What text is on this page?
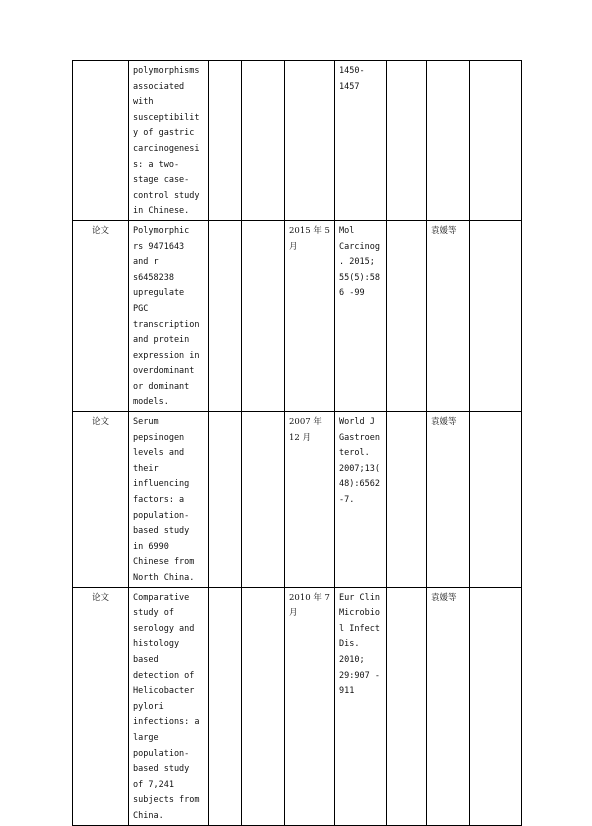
	polymorphisms associated with susceptibility of gastric carcinogenesis: a two-stage case-control study in Chinese.				1450-1457			
论文	Polymorphic rs 9471643 and r s6458238 upregulate PGC transcription and protein expression in overdominant or dominant models.			2015 年 5 月	Mol Carcinog. 2015; 55(5):586 -99		袁媛等	
论文	Serum pepsinogen levels and their influencing factors: a population-based study in 6990 Chinese from North China.			2007 年 12 月	World J Gastroenterol. 2007;13(48):6562-7.		袁媛等	
论文	Comparative study of serology and histology based detection of Helicobacter pylori infections: a large population-based study of 7,241 subjects from China.			2010 年 7 月	Eur Clin Microbiol Infect Dis. 2010; 29:907 - 911		袁媛等	
